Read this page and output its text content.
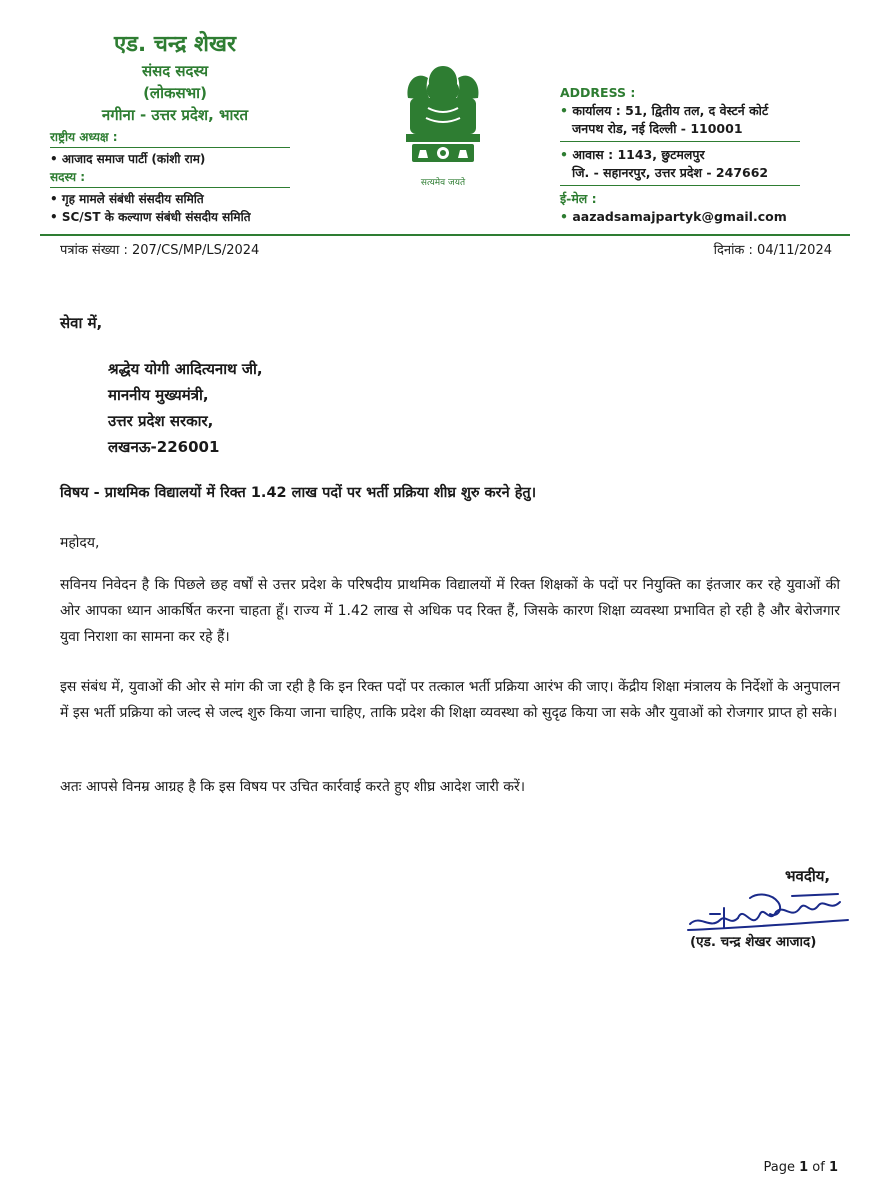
एड. चन्द्र शेखर
संसद सदस्य
(लोकसभा)
नगीना - उत्तर प्रदेश, भारत
राष्ट्रीय अध्यक्ष :
• आजाद समाज पार्टी (कांशी राम)
सदस्य :
• गृह मामले संबंधी संसदीय समिति
• SC/ST के कल्याण संबंधी संसदीय समिति
सत्यमेव जयते
ADDRESS :
• कार्यालय : 51, द्वितीय तल, द वेस्टर्न कोर्ट
जनपथ रोड, नई दिल्ली - 110001
• आवास : 1143, छुटमलपुर
जि. - सहानरपुर, उत्तर प्रदेश - 247662
ई-मेल :
• aazadsamajpartyk@gmail.com
पत्रांक संख्या : 207/CS/MP/LS/2024	दिनांक : 04/11/2024
सेवा में,
श्रद्धेय योगी आदित्यनाथ जी,
माननीय मुख्यमंत्री,
उत्तर प्रदेश सरकार,
लखनऊ-226001
विषय - प्राथमिक विद्यालयों में रिक्त 1.42 लाख पदों पर भर्ती प्रक्रिया शीघ्र शुरु करने हेतु।
महोदय,
सविनय निवेदन है कि पिछले छह वर्षों से उत्तर प्रदेश के परिषदीय प्राथमिक विद्यालयों में रिक्त शिक्षकों के पदों पर नियुक्ति का इंतजार कर रहे युवाओं की ओर आपका ध्यान आकर्षित करना चाहता हूँ। राज्य में 1.42 लाख से अधिक पद रिक्त हैं, जिसके कारण शिक्षा व्यवस्था प्रभावित हो रही है और बेरोजगार युवा निराशा का सामना कर रहे हैं।
इस संबंध में, युवाओं की ओर से मांग की जा रही है कि इन रिक्त पदों पर तत्काल भर्ती प्रक्रिया आरंभ की जाए। केंद्रीय शिक्षा मंत्रालय के निर्देशों के अनुपालन में इस भर्ती प्रक्रिया को जल्द से जल्द शुरु किया जाना चाहिए, ताकि प्रदेश की शिक्षा व्यवस्था को सुदृढ किया जा सके और युवाओं को रोजगार प्राप्त हो सके।
अतः आपसे विनम्र आग्रह है कि इस विषय पर उचित कार्रवाई करते हुए शीघ्र आदेश जारी करें।
भवदीय,
(एड. चन्द्र शेखर आजाद)
Page 1 of 1
